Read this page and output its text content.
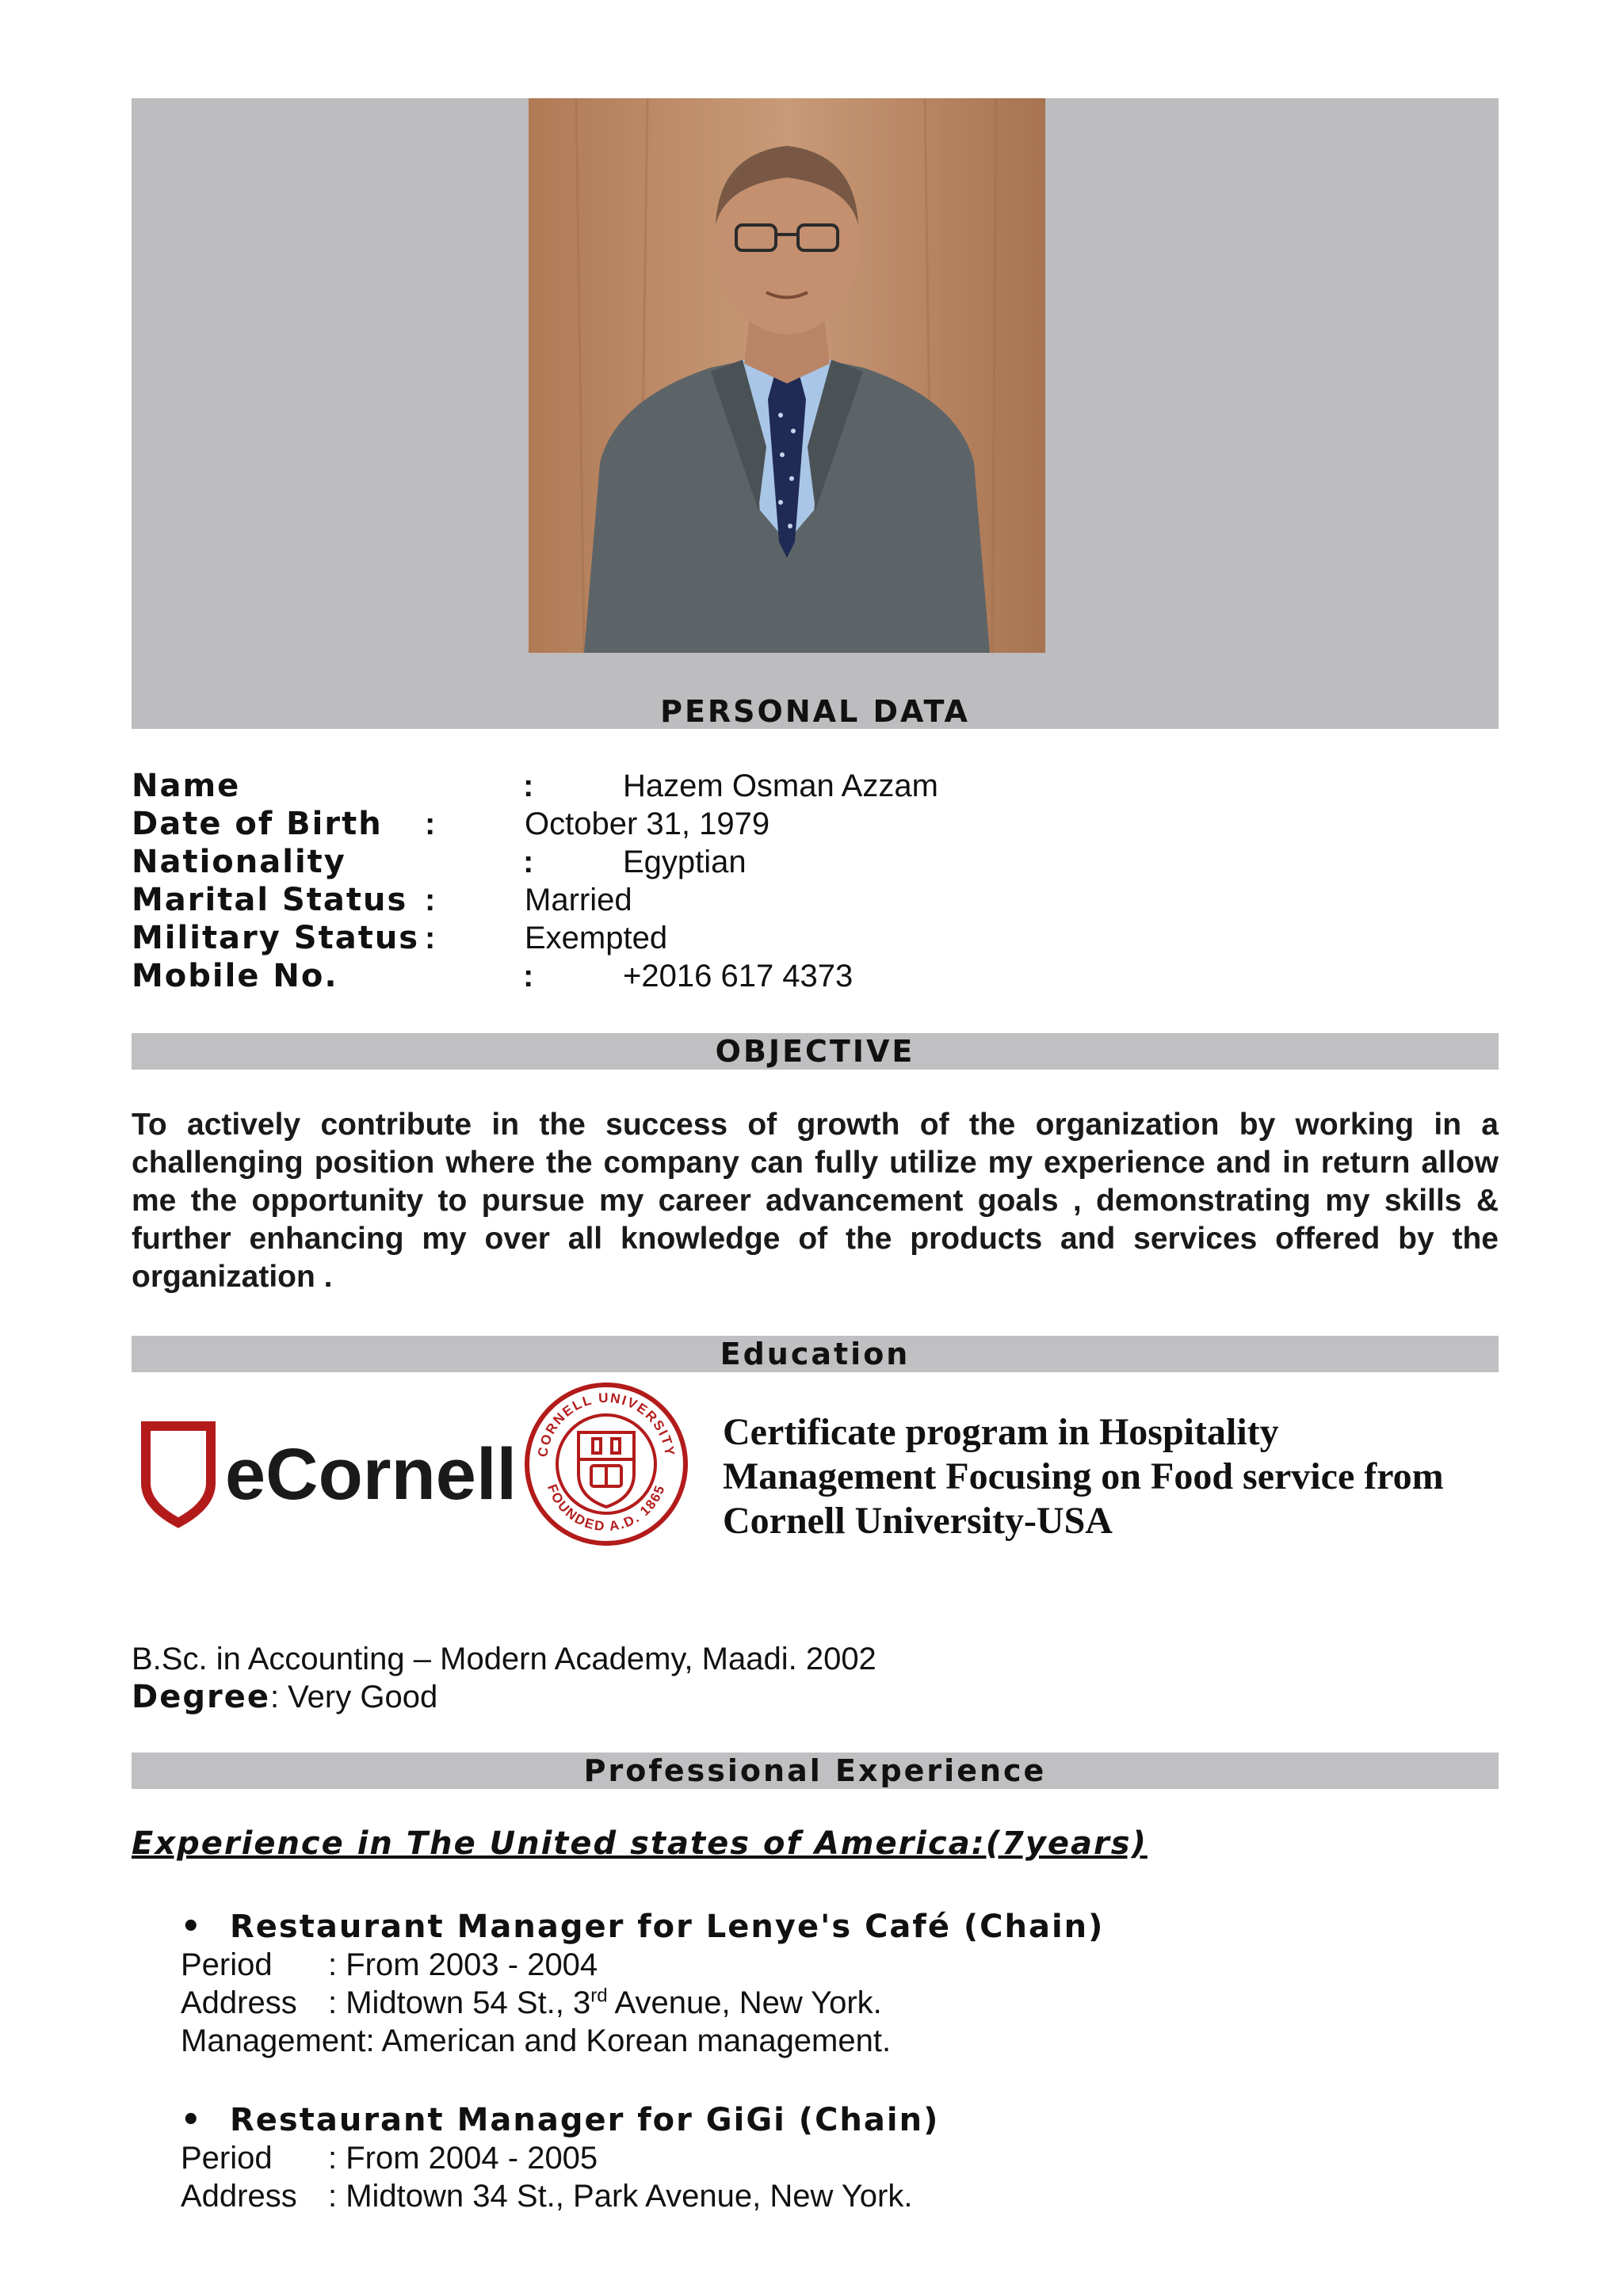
PERSONAL DATA
Name	:	Hazem Osman Azzam
Date of Birth :	October 31, 1979
Nationality	:	Egyptian
Marital Status :	Married
Military Status :	Exempted
Mobile No.	:	+2016 617 4373
OBJECTIVE
To actively contribute in the success of growth of the organization by working in a challenging position where the company can fully utilize my experience and in return allow me the opportunity to pursue my career advancement goals , demonstrating my skills & further enhancing my over all knowledge of the products and services offered by the organization .
Education
eCornell CORNELL UNIVERSITY
FOUNDED A.D. 1865
Certificate program in Hospitality Management Focusing on Food service from Cornell University-USA
B.Sc. in Accounting – Modern Academy, Maadi. 2002
Degree: Very Good
Professional Experience
Experience in The United states of America:(7years)
• Restaurant Manager for Lenye's Café (Chain)
Period : From 2003 - 2004
Address : Midtown 54 St., 3rd Avenue, New York.
Management: American and Korean management.
• Restaurant Manager for GiGi (Chain)
Period : From 2004 - 2005
Address : Midtown 34 St., Park Avenue, New York.
